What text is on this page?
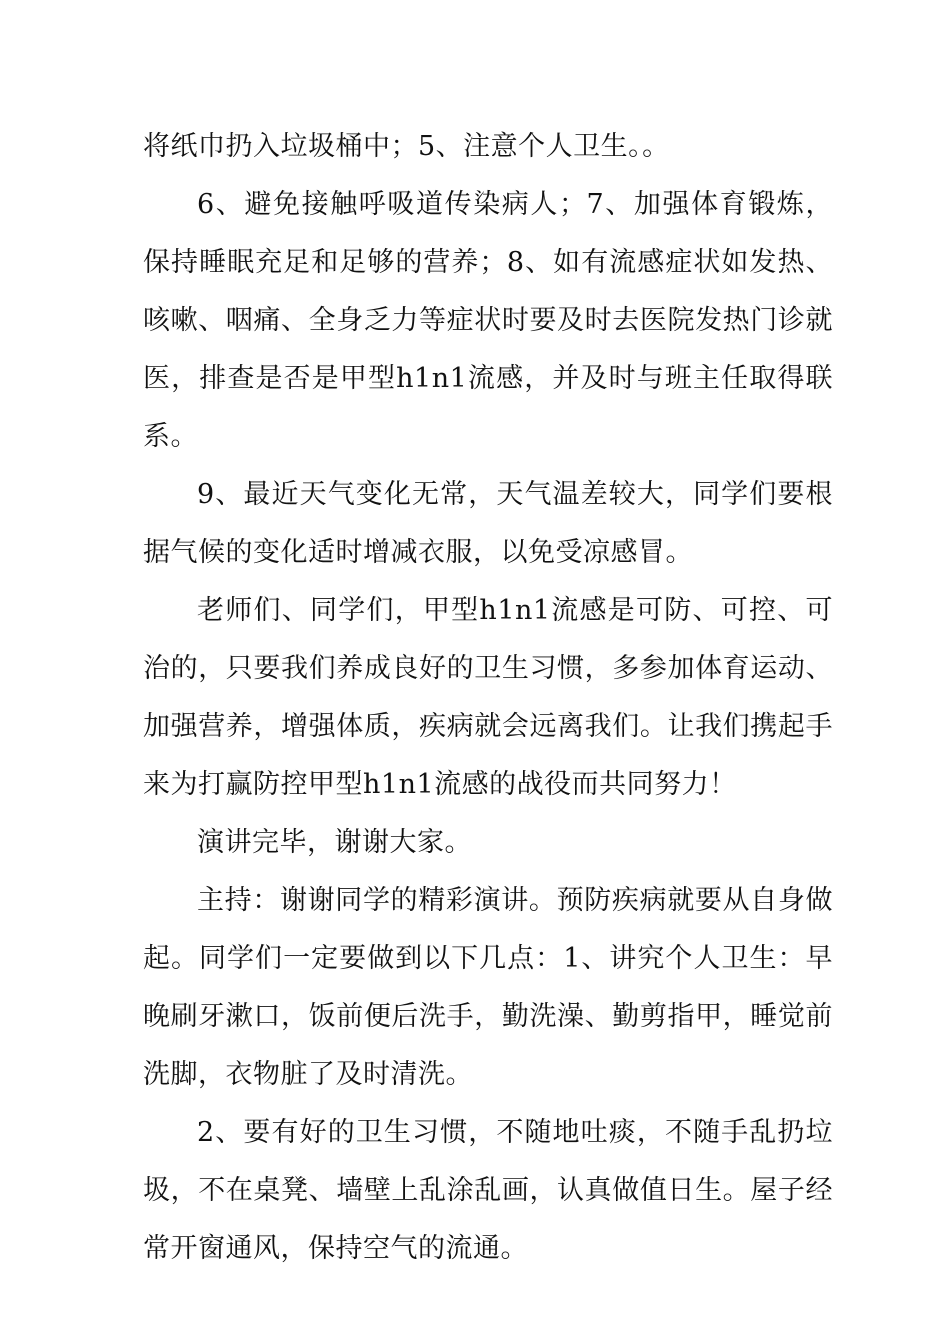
将纸巾扔入垃圾桶中；5、注意个人卫生。。

6、避免接触呼吸道传染病人；7、加强体育锻炼，保持睡眠充足和足够的营养；8、如有流感症状如发热、咳嗽、咽痛、全身乏力等症状时要及时去医院发热门诊就医，排查是否是甲型h1n1流感，并及时与班主任取得联系。

9、最近天气变化无常，天气温差较大，同学们要根据气候的变化适时增减衣服，以免受凉感冒。

老师们、同学们，甲型h1n1流感是可防、可控、可治的，只要我们养成良好的卫生习惯，多参加体育运动、加强营养，增强体质，疾病就会远离我们。让我们携起手来为打赢防控甲型h1n1流感的战役而共同努力！

演讲完毕，谢谢大家。

主持：谢谢同学的精彩演讲。预防疾病就要从自身做起。同学们一定要做到以下几点：1、讲究个人卫生：早晚刷牙漱口，饭前便后洗手，勤洗澡、勤剪指甲，睡觉前洗脚，衣物脏了及时清洗。

2、要有好的卫生习惯，不随地吐痰，不随手乱扔垃圾，不在桌凳、墙壁上乱涂乱画，认真做值日生。屋子经常开窗通风，保持空气的流通。
